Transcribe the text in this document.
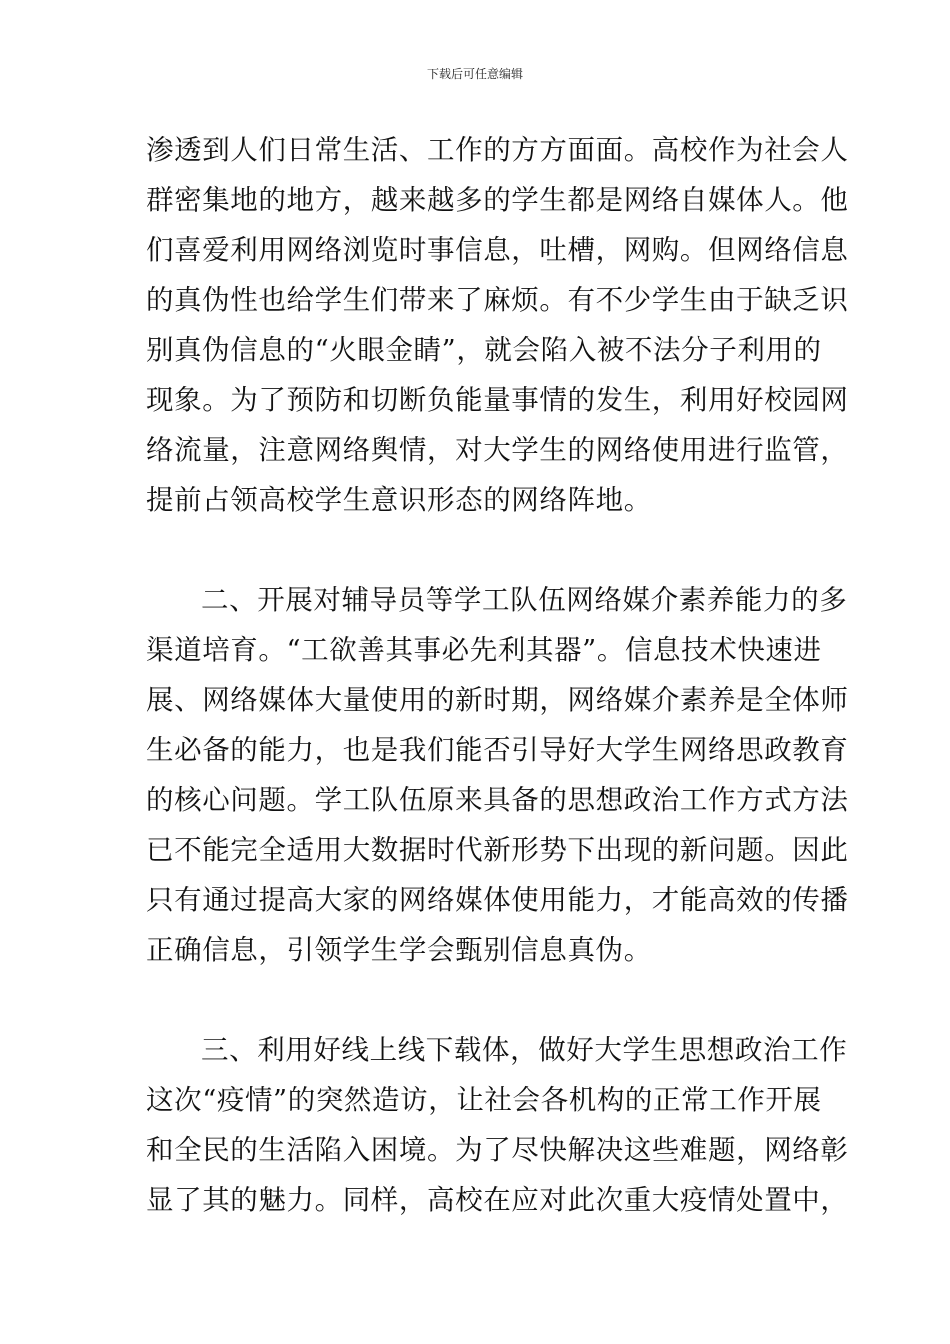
下载后可任意编辑
渗透到人们日常生活、工作的方方面面。高校作为社会人
群密集地的地方，越来越多的学生都是网络自媒体人。他
们喜爱利用网络浏览时事信息，吐槽，网购。但网络信息
的真伪性也给学生们带来了麻烦。有不少学生由于缺乏识
别真伪信息的“火眼金睛”，就会陷入被不法分子利用的
现象。为了预防和切断负能量事情的发生，利用好校园网
络流量，注意网络舆情，对大学生的网络使用进行监管，
提前占领高校学生意识形态的网络阵地。
二、开展对辅导员等学工队伍网络媒介素养能力的多
渠道培育。“工欲善其事必先利其器”。信息技术快速进
展、网络媒体大量使用的新时期，网络媒介素养是全体师
生必备的能力，也是我们能否引导好大学生网络思政教育
的核心问题。学工队伍原来具备的思想政治工作方式方法
已不能完全适用大数据时代新形势下出现的新问题。因此
只有通过提高大家的网络媒体使用能力，才能高效的传播
正确信息，引领学生学会甄别信息真伪。
三、利用好线上线下载体，做好大学生思想政治工作
这次“疫情”的突然造访，让社会各机构的正常工作开展
和全民的生活陷入困境。为了尽快解决这些难题，网络彰
显了其的魅力。同样，高校在应对此次重大疫情处置中，
